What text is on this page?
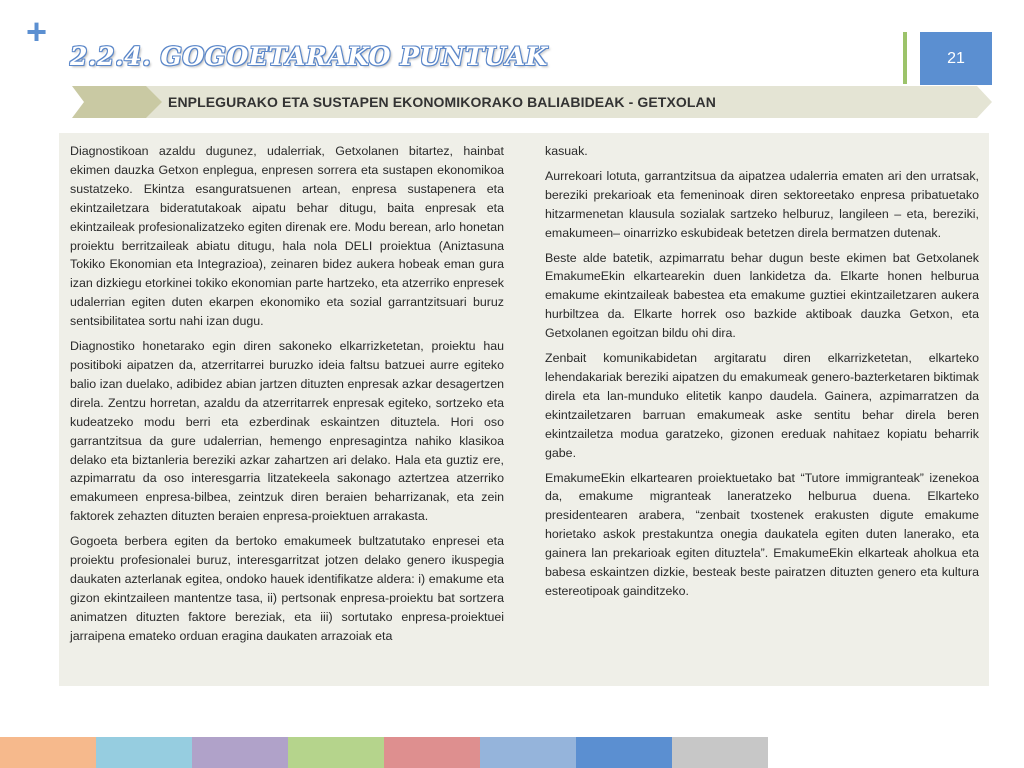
+
2.2.4. GOGOETARAKO PUNTUAK	21
ENPLEGURAKO ETA SUSTAPEN EKONOMIKORAKO BALIABIDEAK - GETXOLAN

Diagnostikoan azaldu dugunez, udalerriak, Getxolanen bitartez, hainbat ekimen dauzka Getxon enplegua, enpresen sorrera eta sustapen ekonomikoa sustatzeko. Ekintza esanguratsuenen artean, enpresa sustapenera eta ekintzailetzara bideratutakoak aipatu behar ditugu, baita enpresak eta ekintzaileak profesionalizatzeko egiten direnak ere. Modu berean, arlo honetan proiektu berritzaileak abiatu ditugu, hala nola DELI proiektua (Aniztasuna Tokiko Ekonomian eta Integrazioa), zeinaren bidez aukera hobeak eman gura izan dizkiegu etorkinei tokiko ekonomian parte hartzeko, eta atzerriko enpresek udalerrian egiten duten ekarpen ekonomiko eta sozial garrantzitsuari buruz sentsibilitatea sortu nahi izan dugu.

Diagnostiko honetarako egin diren sakoneko elkarrizketetan, proiektu hau positiboki aipatzen da, atzerritarrei buruzko ideia faltsu batzuei aurre egiteko balio izan duelako, adibidez abian jartzen dituzten enpresak azkar desagertzen direla. Zentzu horretan, azaldu da atzerritarrek enpresak egiteko, sortzeko eta kudeatzeko modu berri eta ezberdinak eskaintzen dituztela. Hori oso garrantzitsua da gure udalerrian, hemengo enpresagintza nahiko klasikoa delako eta biztanleria bereziki azkar zahartzen ari delako. Hala eta guztiz ere, azpimarratu da oso interesgarria litzatekeela sakonago aztertzea atzerriko emakumeen enpresa-bilbea, zeintzuk diren beraien beharrizanak, eta zein faktorek zehazten dituzten beraien enpresa-proiektuen arrakasta.

Gogoeta berbera egiten da bertoko emakumeek bultzatutako enpresei eta proiektu profesionalei buruz, interesgarritzat jotzen delako genero ikuspegia daukaten azterlanak egitea, ondoko hauek identifikatze aldera: i) emakume eta gizon ekintzaileen mantentze tasa, ii) pertsonak enpresa-proiektu bat sortzera animatzen dituzten faktore bereziak, eta iii) sortutako enpresa-proiektuei jarraipena emateko orduan eragina daukaten arrazoiak eta

kasuak.

Aurrekoari lotuta, garrantzitsua da aipatzea udalerria ematen ari den urratsak, bereziki prekarioak eta femeninoak diren sektoreetako enpresa pribatuetako hitzarmenetan klausula sozialak sartzeko helburuz, langileen – eta, bereziki, emakumeen– oinarrizko eskubideak betetzen direla bermatzen dutenak.

Beste alde batetik, azpimarratu behar dugun beste ekimen bat Getxolanek EmakumeEkin elkartearekin duen lankidetza da. Elkarte honen helburua emakume ekintzaileak babestea eta emakume guztiei ekintzailetzaren aukera hurbiltzea da. Elkarte horrek oso bazkide aktiboak dauzka Getxon, eta Getxolanen egoitzan bildu ohi dira.

Zenbait komunikabidetan argitaratu diren elkarrizketetan, elkarteko lehendakariak bereziki aipatzen du emakumeak genero-bazterketaren biktimak direla eta lan-munduko elitetik kanpo daudela. Gainera, azpimarratzen da ekintzailetzaren barruan emakumeak aske sentitu behar direla beren ekintzailetza modua garatzeko, gizonen ereduak nahitaez kopiatu beharrik gabe.

EmakumeEkin elkartearen proiektuetako bat “Tutore immigranteak” izenekoa da, emakume migranteak laneratzeko helburua duena. Elkarteko presidentearen arabera, “zenbait txostenek erakusten digute emakume horietako askok prestakuntza onegia daukatela egiten duten lanerako, eta gainera lan prekarioak egiten dituztela”. EmakumeEkin elkarteak aholkua eta babesa eskaintzen dizkie, besteak beste pairatzen dituzten genero eta kultura estereotipoak gainditzeko.
